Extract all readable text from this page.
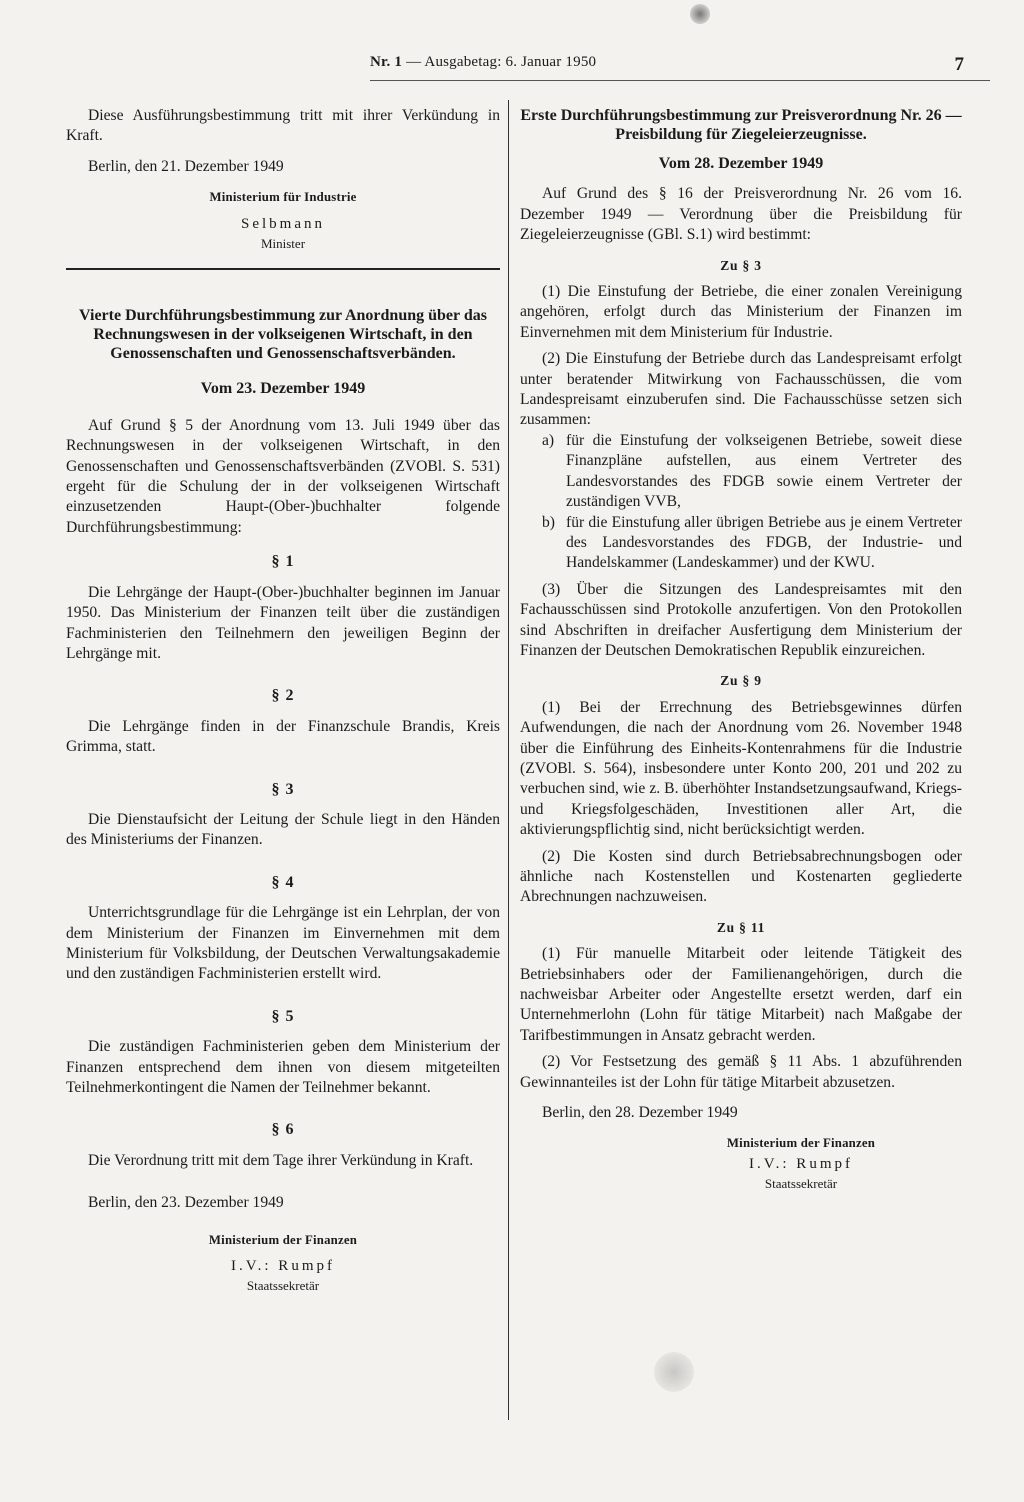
Nr. 1 — Ausgabetag: 6. Januar 1950	7

Diese Ausführungsbestimmung tritt mit ihrer Verkündung in Kraft.

Berlin, den 21. Dezember 1949

Ministerium für Industrie

Selbmann

Minister

Vierte Durchführungsbestimmung zur Anordnung über das Rechnungswesen in der volkseigenen Wirtschaft, in den Genossenschaften und Genossenschaftsverbänden.

Vom 23. Dezember 1949

Auf Grund § 5 der Anordnung vom 13. Juli 1949 über das Rechnungswesen in der volkseigenen Wirtschaft, in den Genossenschaften und Genossenschaftsverbänden (ZVOBl. S. 531) ergeht für die Schulung der in der volkseigenen Wirtschaft einzusetzenden Haupt-(Ober-)buchhalter folgende Durchführungsbestimmung:

§ 1

Die Lehrgänge der Haupt-(Ober-)buchhalter beginnen im Januar 1950. Das Ministerium der Finanzen teilt über die zuständigen Fachministerien den Teilnehmern den jeweiligen Beginn der Lehrgänge mit.

§ 2

Die Lehrgänge finden in der Finanzschule Brandis, Kreis Grimma, statt.

§ 3

Die Dienstaufsicht der Leitung der Schule liegt in den Händen des Ministeriums der Finanzen.

§ 4

Unterrichtsgrundlage für die Lehrgänge ist ein Lehrplan, der von dem Ministerium der Finanzen im Einvernehmen mit dem Ministerium für Volksbildung, der Deutschen Verwaltungsakademie und den zuständigen Fachministerien erstellt wird.

§ 5

Die zuständigen Fachministerien geben dem Ministerium der Finanzen entsprechend dem ihnen von diesem mitgeteilten Teilnehmerkontingent die Namen der Teilnehmer bekannt.

§ 6

Die Verordnung tritt mit dem Tage ihrer Verkündung in Kraft.

Berlin, den 23. Dezember 1949

Ministerium der Finanzen

I.V.: Rumpf

Staatssekretär

Erste Durchführungsbestimmung zur Preisverordnung Nr. 26 — Preisbildung für Ziegeleierzeugnisse.

Vom 28. Dezember 1949

Auf Grund des § 16 der Preisverordnung Nr. 26 vom 16. Dezember 1949 — Verordnung über die Preisbildung für Ziegeleierzeugnisse (GBl. S.1) wird bestimmt:

Zu § 3

(1) Die Einstufung der Betriebe, die einer zonalen Vereinigung angehören, erfolgt durch das Ministerium der Finanzen im Einvernehmen mit dem Ministerium für Industrie.

(2) Die Einstufung der Betriebe durch das Landespreisamt erfolgt unter beratender Mitwirkung von Fachausschüssen, die vom Landespreisamt einzuberufen sind. Die Fachausschüsse setzen sich zusammen:

a) für die Einstufung der volkseigenen Betriebe, soweit diese Finanzpläne aufstellen, aus einem Vertreter des Landesvorstandes des FDGB sowie einem Vertreter der zuständigen VVB,

b) für die Einstufung aller übrigen Betriebe aus je einem Vertreter des Landesvorstandes des FDGB, der Industrie- und Handelskammer (Landeskammer) und der KWU.

(3) Über die Sitzungen des Landespreisamtes mit den Fachausschüssen sind Protokolle anzufertigen. Von den Protokollen sind Abschriften in dreifacher Ausfertigung dem Ministerium der Finanzen der Deutschen Demokratischen Republik einzureichen.

Zu § 9

(1) Bei der Errechnung des Betriebsgewinnes dürfen Aufwendungen, die nach der Anordnung vom 26. November 1948 über die Einführung des Einheits-Kontenrahmens für die Industrie (ZVOBl. S. 564), insbesondere unter Konto 200, 201 und 202 zu verbuchen sind, wie z. B. überhöhter Instandsetzungsaufwand, Kriegs- und Kriegsfolgeschäden, Investitionen aller Art, die aktivierungspflichtig sind, nicht berücksichtigt werden.

(2) Die Kosten sind durch Betriebsabrechnungsbogen oder ähnliche nach Kostenstellen und Kostenarten gegliederte Abrechnungen nachzuweisen.

Zu § 11

(1) Für manuelle Mitarbeit oder leitende Tätigkeit des Betriebsinhabers oder der Familienangehörigen, durch die nachweisbar Arbeiter oder Angestellte ersetzt werden, darf ein Unternehmerlohn (Lohn für tätige Mitarbeit) nach Maßgabe der Tarifbestimmungen in Ansatz gebracht werden.

(2) Vor Festsetzung des gemäß § 11 Abs. 1 abzuführenden Gewinnanteiles ist der Lohn für tätige Mitarbeit abzusetzen.

Berlin, den 28. Dezember 1949

Ministerium der Finanzen

I.V.: Rumpf

Staatssekretär
